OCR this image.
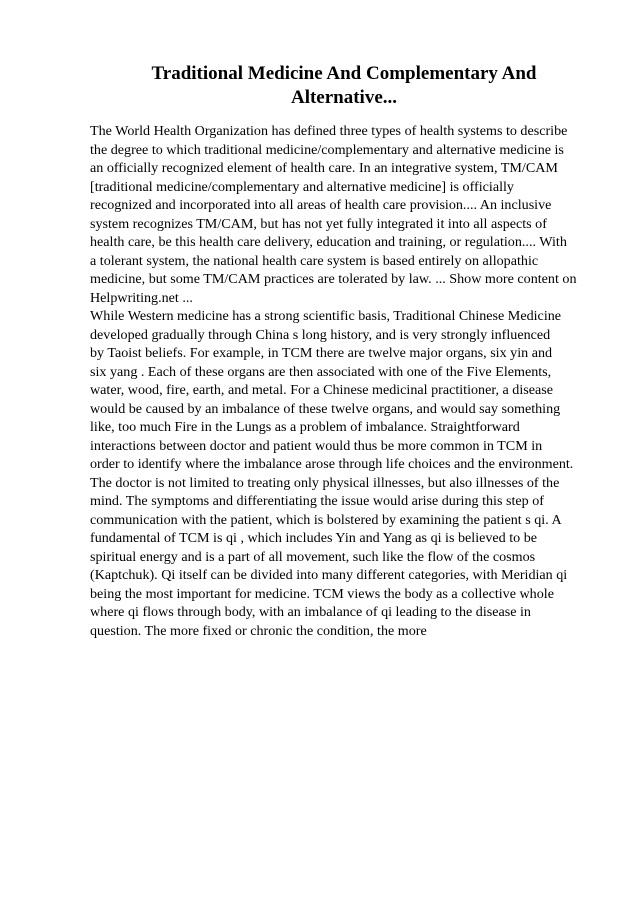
Traditional Medicine And Complementary And
Alternative...
The World Health Organization has defined three types of health systems to describe
the degree to which traditional medicine/complementary and alternative medicine is
an officially recognized element of health care. In an integrative system, TM/CAM
[traditional medicine/complementary and alternative medicine] is officially
recognized and incorporated into all areas of health care provision.... An inclusive
system recognizes TM/CAM, but has not yet fully integrated it into all aspects of
health care, be this health care delivery, education and training, or regulation.... With
a tolerant system, the national health care system is based entirely on allopathic
medicine, but some TM/CAM practices are tolerated by law. ... Show more content on
Helpwriting.net ...
While Western medicine has a strong scientific basis, Traditional Chinese Medicine
developed gradually through China s long history, and is very strongly influenced
by Taoist beliefs. For example, in TCM there are twelve major organs, six yin and
six yang . Each of these organs are then associated with one of the Five Elements,
water, wood, fire, earth, and metal. For a Chinese medicinal practitioner, a disease
would be caused by an imbalance of these twelve organs, and would say something
like, too much Fire in the Lungs as a problem of imbalance. Straightforward
interactions between doctor and patient would thus be more common in TCM in
order to identify where the imbalance arose through life choices and the environment.
The doctor is not limited to treating only physical illnesses, but also illnesses of the
mind. The symptoms and differentiating the issue would arise during this step of
communication with the patient, which is bolstered by examining the patient s qi. A
fundamental of TCM is qi , which includes Yin and Yang as qi is believed to be
spiritual energy and is a part of all movement, such like the flow of the cosmos
(Kaptchuk). Qi itself can be divided into many different categories, with Meridian qi
being the most important for medicine. TCM views the body as a collective whole
where qi flows through body, with an imbalance of qi leading to the disease in
question. The more fixed or chronic the condition, the more
